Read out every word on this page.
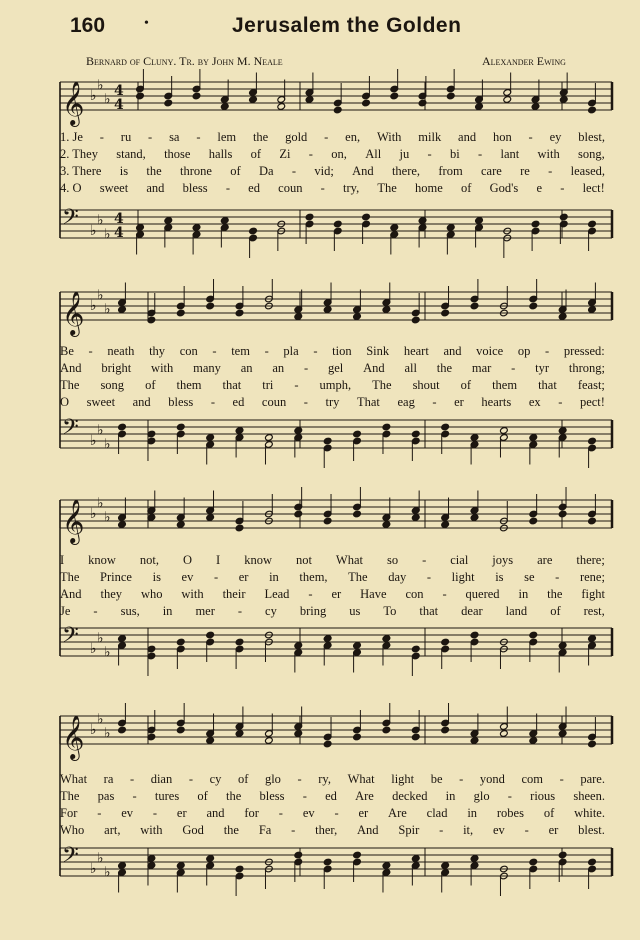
160	•	Jerusalem the Golden
Bernard of Cluny. Tr. by John M. Neale	Alexander Ewing
𝄞 ♭
♭
♭
4
4
𝄢 ♭
♭
♭
4
4
𝄞 ♭
♭
♭
𝄢 ♭
♭
♭
𝄞 ♭
♭
♭
𝄢 ♭
♭
♭
𝄞 ♭
♭
♭
𝄢 ♭
♭
♭
1. Je - ru - sa - lem the gold - en, With milk and hon - ey blest,
2. They stand, those halls of Zi - on, All ju - bi - lant with song,
3. There is the throne of Da - vid; And there, from care re - leased,
4. O sweet and bless - ed coun - try, The home of God's e - lect!
Be - neath thy con - tem - pla - tion Sink heart and voice op - pressed:
And bright with many an an - gel And all the mar - tyr throng;
The song of them that tri - umph, The shout of them that feast;
O sweet and bless - ed coun - try That eag - er hearts ex - pect!
I know not, O I know not What so - cial joys are there;
The Prince is ev - er in them, The day - light is se - rene;
And they who with their Lead - er Have con - quered in the fight
Je - sus, in mer - cy bring us To that dear land of rest,
What ra - dian - cy of glo - ry, What light be - yond com - pare.
The pas - tures of the bless - ed Are decked in glo - rious sheen.
For - ev - er and for - ev - er Are clad in robes of white.
Who art, with God the Fa - ther, And Spir - it, ev - er blest.
